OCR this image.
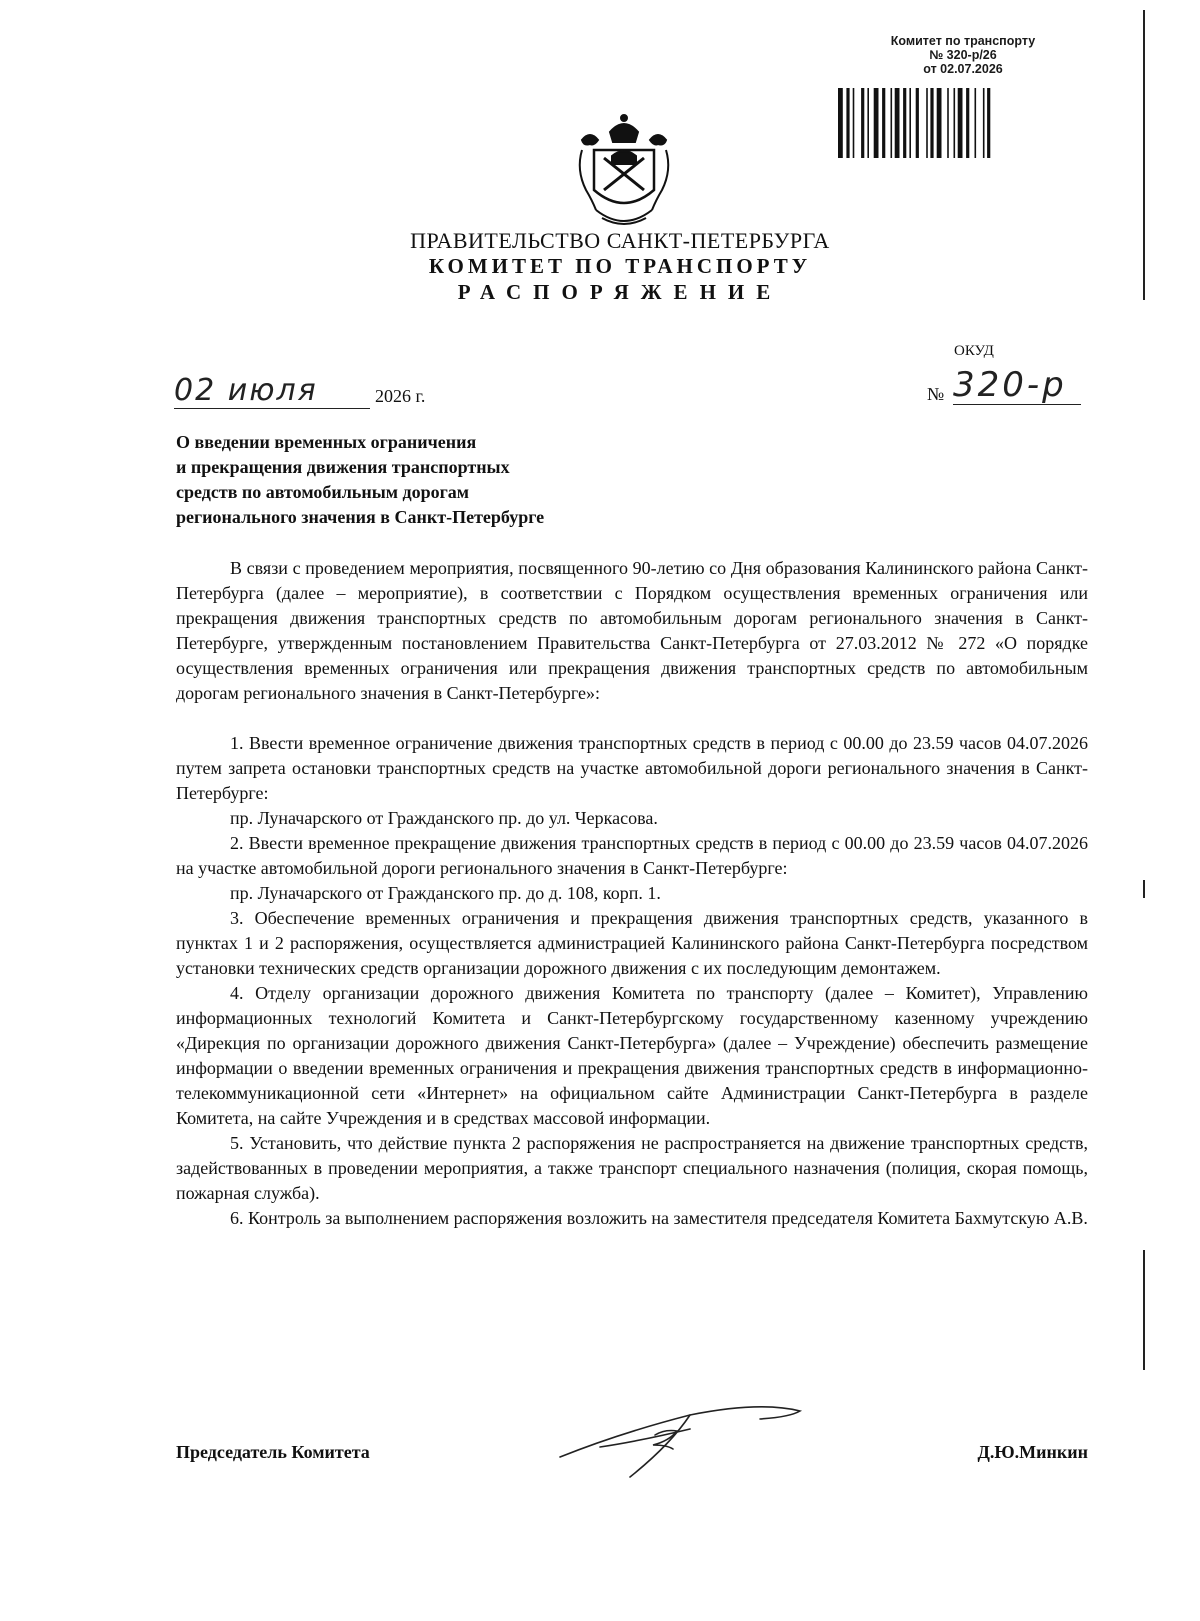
Комитет по транспорту
№ 320-р/26
от 02.07.2026
ПРАВИТЕЛЬСТВО САНКТ-ПЕТЕРБУРГА
КОМИТЕТ ПО ТРАНСПОРТУ
РАСПОРЯЖЕНИЕ
ОКУД
02 июля	2026 г.	№ 320-р
О введении временных ограничения
и прекращения движения транспортных
средств по автомобильным дорогам
регионального значения в Санкт-Петербурге

В связи с проведением мероприятия, посвященного 90-летию со Дня образования Калининского района Санкт-Петербурга (далее – мероприятие), в соответствии с Порядком осуществления временных ограничения или прекращения движения транспортных средств по автомобильным дорогам регионального значения в Санкт-Петербурге, утвержденным постановлением Правительства Санкт-Петербурга от 27.03.2012 № 272 «О порядке осуществления временных ограничения или прекращения движения транспортных средств по автомобильным дорогам регионального значения в Санкт-Петербурге»:

1. Ввести временное ограничение движения транспортных средств в период с 00.00 до 23.59 часов 04.07.2026 путем запрета остановки транспортных средств на участке автомобильной дороги регионального значения в Санкт-Петербурге:

пр. Луначарского от Гражданского пр. до ул. Черкасова.

2. Ввести временное прекращение движения транспортных средств в период с 00.00 до 23.59 часов 04.07.2026 на участке автомобильной дороги регионального значения в Санкт-Петербурге:

пр. Луначарского от Гражданского пр. до д. 108, корп. 1.

3. Обеспечение временных ограничения и прекращения движения транспортных средств, указанного в пунктах 1 и 2 распоряжения, осуществляется администрацией Калининского района Санкт-Петербурга посредством установки технических средств организации дорожного движения с их последующим демонтажем.

4. Отделу организации дорожного движения Комитета по транспорту (далее – Комитет), Управлению информационных технологий Комитета и Санкт-Петербургскому государственному казенному учреждению «Дирекция по организации дорожного движения Санкт-Петербурга» (далее – Учреждение) обеспечить размещение информации о введении временных ограничения и прекращения движения транспортных средств в информационно-телекоммуникационной сети «Интернет» на официальном сайте Администрации Санкт-Петербурга в разделе Комитета, на сайте Учреждения и в средствах массовой информации.

5. Установить, что действие пункта 2 распоряжения не распространяется на движение транспортных средств, задействованных в проведении мероприятия, а также транспорт специального назначения (полиция, скорая помощь, пожарная служба).

6. Контроль за выполнением распоряжения возложить на заместителя председателя Комитета Бахмутскую А.В.

Председатель Комитета	Д.Ю.Минкин
